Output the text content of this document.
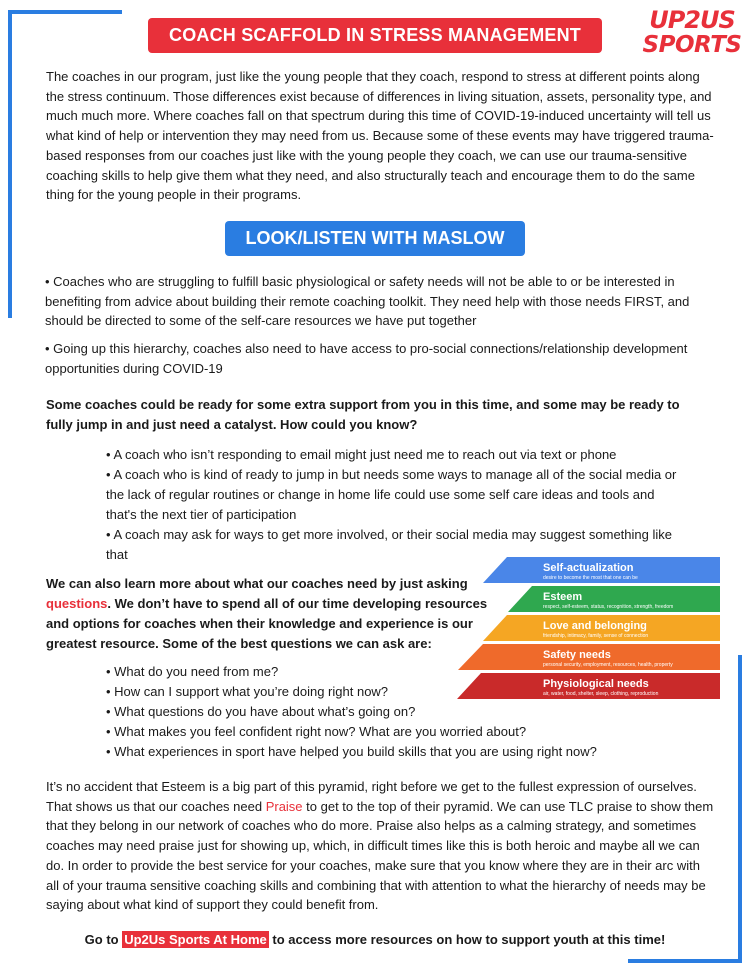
COACH SCAFFOLD IN STRESS MANAGEMENT
UP2US
SPORTS

The coaches in our program, just like the young people that they coach, respond to stress at different points along the stress continuum. Those differences exist because of differences in living situation, assets, personality type, and much much more. Where coaches fall on that spectrum during this time of COVID-19-induced uncertainty will tell us what kind of help or intervention they may need from us. Because some of these events may have triggered trauma-based responses from our coaches just like with the young people they coach, we can use our trauma-sensitive coaching skills to help give them what they need, and also structurally teach and encourage them to do the same thing for the young people in their programs.

LOOK/LISTEN WITH MASLOW

• Coaches who are struggling to fulfill basic physiological or safety needs will not be able to or be interested in benefiting from advice about building their remote coaching toolkit. They need help with those needs FIRST, and should be directed to some of the self-care resources we have put together

• Going up this hierarchy, coaches also need to have access to pro-social connections/relationship development opportunities during COVID-19

Some coaches could be ready for some extra support from you in this time, and some may be ready to fully jump in and just need a catalyst. How could you know?

• A coach who isn’t responding to email might just need me to reach out via text or phone
• A coach who is kind of ready to jump in but needs some ways to manage all of the social media or the lack of regular routines or change in home life could use some self care ideas and tools and that's the next tier of participation
• A coach may ask for ways to get more involved, or their social media may suggest something like that

We can also learn more about what our coaches need by just asking questions. We don’t have to spend all of our time developing resources and options for coaches when their knowledge and experience is our greatest resource. Some of the best questions we can ask are:

• What do you need from me?
• How can I support what you’re doing right now?
• What questions do you have about what’s going on?
• What makes you feel confident right now? What are you worried about?
• What experiences in sport have helped you build skills that you are using right now?
Self-actualization
desire to become the most that one can be
Esteem
respect, self-esteem, status, recognition, strength, freedom
Love and belonging
friendship, intimacy, family, sense of connection
Safety needs
personal security, employment, resources, health, property
Physiological needs
air, water, food, shelter, sleep, clothing, reproduction

It’s no accident that Esteem is a big part of this pyramid, right before we get to the fullest expression of ourselves. That shows us that our coaches need Praise to get to the top of their pyramid. We can use TLC praise to show them that they belong in our network of coaches who do more. Praise also helps as a calming strategy, and sometimes coaches may need praise just for showing up, which, in difficult times like this is both heroic and maybe all we can do. In order to provide the best service for your coaches, make sure that you know where they are in their arc with all of your trauma sensitive coaching skills and combining that with attention to what the hierarchy of needs may be saying about what kind of support they could benefit from.

Go to Up2Us Sports At Home to access more resources on how to support youth at this time!
